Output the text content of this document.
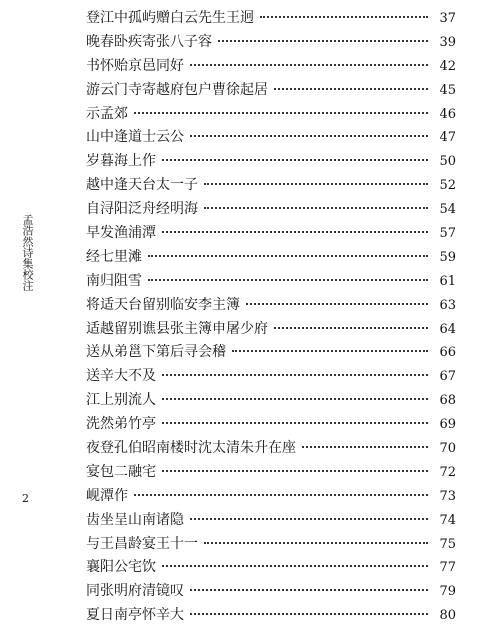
孟浩然诗集校注
2
登江中孤屿赠白云先生王迥	37
晚春卧疾寄张八子容	39
书怀贻京邑同好	42
游云门寺寄越府包户曹徐起居	45
示孟郊	46
山中逢道士云公	47
岁暮海上作	50
越中逢天台太一子	52
自浔阳泛舟经明海	54
早发渔浦潭	57
经七里滩	59
南归阻雪	61
将适天台留别临安李主簿	63
适越留别谯县张主簿申屠少府	64
送从弟邕下第后寻会稽	66
送辛大不及	67
江上别流人	68
洗然弟竹亭	69
夜登孔伯昭南楼时沈太清朱升在座	70
宴包二融宅	72
岘潭作	73
齿坐呈山南诸隐	74
与王昌龄宴王十一	75
襄阳公宅饮	77
同张明府清镜叹	79
夏日南亭怀辛大	80
